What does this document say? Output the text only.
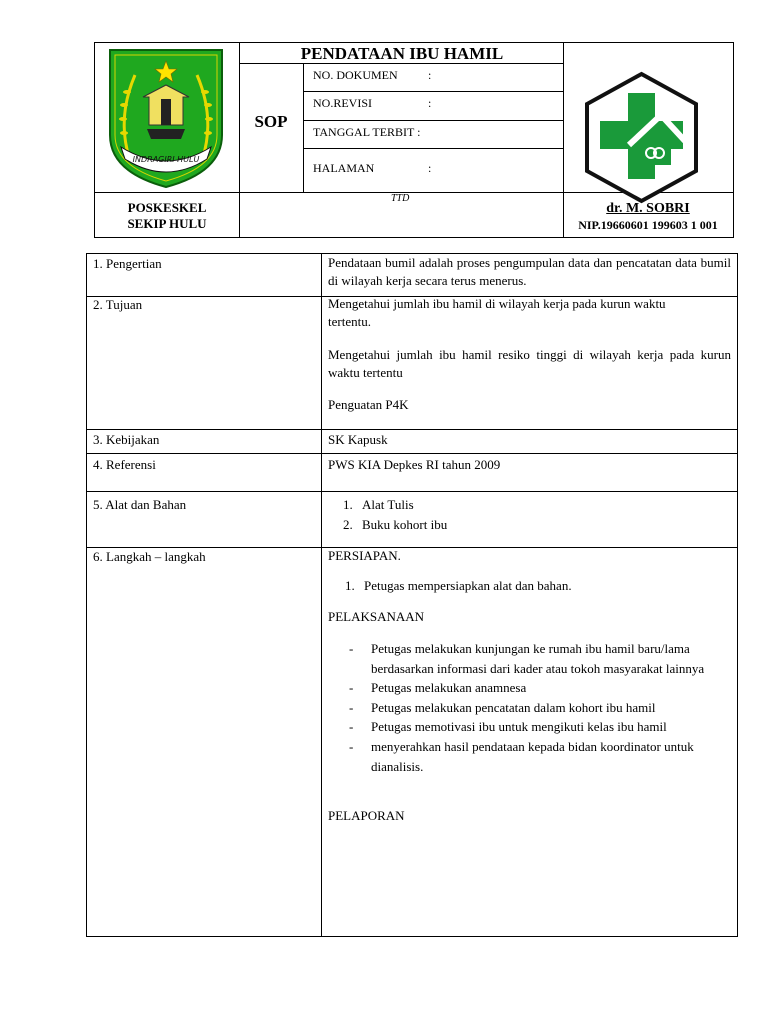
INDRAGIRI HULU
PENDATAAN IBU HAMIL
SOP
NO. DOKUMEN	:
NO.REVISI	:
TANGGAL TERBIT :
HALAMAN	:
POSKESKEL
SEKIP HULU
TTD
dr. M. SOBRI
NIP.19660601 199603 1 001
1. Pengertian	Pendataan bumil adalah proses pengumpulan data dan pencatatan data bumil di wilayah kerja secara terus menerus.
2. Tujuan	Mengetahui jumlah ibu hamil di wilayah kerja pada kurun waktu tertentu.
Mengetahui jumlah ibu hamil resiko tinggi di wilayah kerja pada kurun waktu tertentu
Penguatan P4K
3. Kebijakan	SK Kapusk
4. Referensi	PWS KIA Depkes RI tahun 2009
5. Alat dan Bahan
1.	Alat Tulis
2. Buku kohort ibu
6. Langkah – langkah	PERSIAPAN.
1. Petugas mempersiapkan alat dan bahan.
PELAKSANAAN
- Petugas melakukan kunjungan ke rumah ibu hamil baru/lama berdasarkan informasi dari kader atau tokoh masyarakat lainnya
- Petugas melakukan anamnesa
- Petugas melakukan pencatatan dalam kohort ibu hamil
- Petugas memotivasi ibu untuk mengikuti kelas ibu hamil
- menyerahkan hasil pendataan kepada bidan koordinator untuk dianalisis.
PELAPORAN
